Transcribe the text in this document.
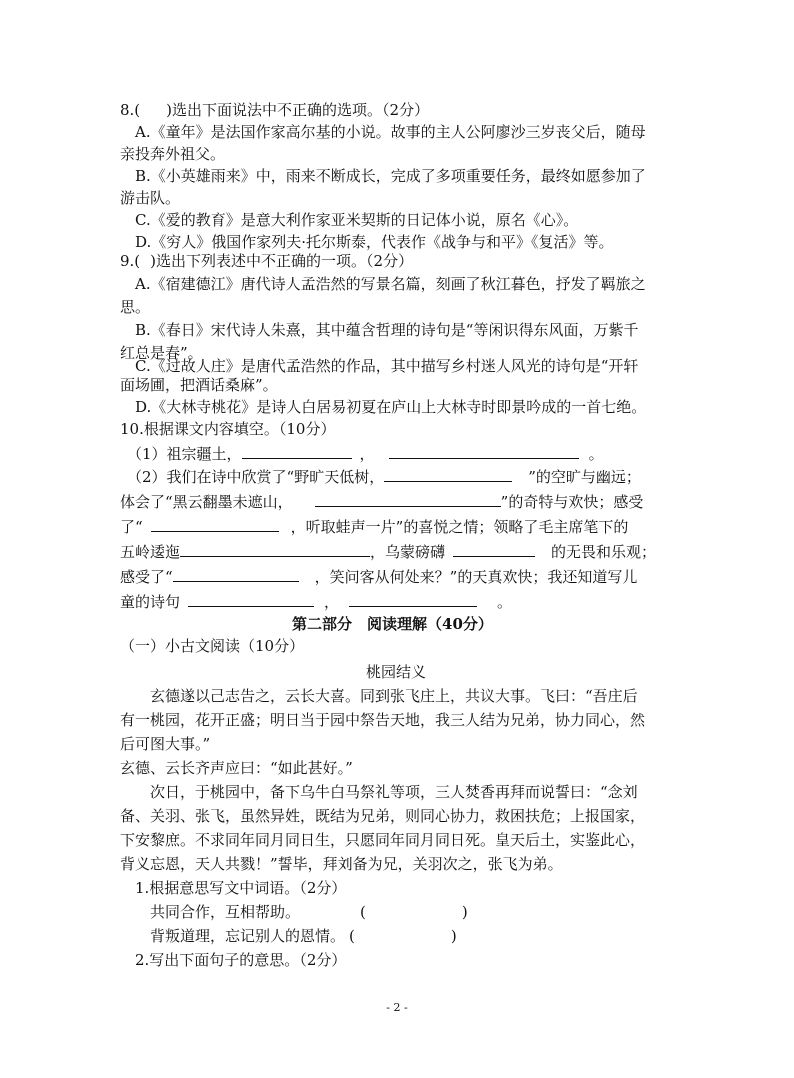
8.( )选出下面说法中不正确的选项。（2分）
A.《童年》是法国作家高尔基的小说。故事的主人公阿廖沙三岁丧父后，随母
亲投奔外祖父。
B.《小英雄雨来》中，雨来不断成长，完成了多项重要任务，最终如愿参加了
游击队。
C.《爱的教育》是意大利作家亚米契斯的日记体小说，原名《心》。
D.《穷人》俄国作家列夫·托尔斯泰，代表作《战争与和平》《复活》等。
9.( )选出下列表述中不正确的一项。（2分）
A.《宿建德江》唐代诗人孟浩然的写景名篇，刻画了秋江暮色，抒发了羁旅之
思。
B.《春日》宋代诗人朱熹，其中蕴含哲理的诗句是“等闲识得东风面，万紫千
红总是春”。
C.《过故人庄》是唐代孟浩然的作品，其中描写乡村迷人风光的诗句是“开轩
面场圃，把酒话桑麻”。
D.《大林寺桃花》是诗人白居易初夏在庐山上大林寺时即景吟成的一首七绝。
10.根据课文内容填空。（10分）
（1）祖宗疆土，	，	。
（2）我们在诗中欣赏了“野旷天低树，	”的空旷与幽远；
体会了“黑云翻墨未遮山，	”的奇特与欢快；感受
了“	，听取蛙声一片”的喜悦之情；领略了毛主席笔下的
五岭逶迤	，乌蒙磅礴	的无畏和乐观；
感受了“	，笑问客从何处来？”的天真欢快；我还知道写儿
童的诗句	，	。
第二部分　阅读理解（40分）
（一）小古文阅读（10分）
桃园结义
玄德遂以己志告之，云长大喜。同到张飞庄上，共议大事。飞曰：“吾庄后
有一桃园，花开正盛；明日当于园中祭告天地，我三人结为兄弟，协力同心，然
后可图大事。”
玄德、云长齐声应曰：“如此甚好。”
次日，于桃园中，备下乌牛白马祭礼等项，三人焚香再拜而说誓曰：“念刘
备、关羽、张飞，虽然异姓，既结为兄弟，则同心协力，救困扶危；上报国家，
下安黎庶。不求同年同月同日生，只愿同年同月同日死。皇天后土，实鉴此心，
背义忘恩，天人共戮！”誓毕，拜刘备为兄，关羽次之，张飞为弟。
1.根据意思写文中词语。（2分）
共同合作，互相帮助。	(	)
背叛道理，忘记别人的恩情。 (	)
2.写出下面句子的意思。（2分）
- 2 -
